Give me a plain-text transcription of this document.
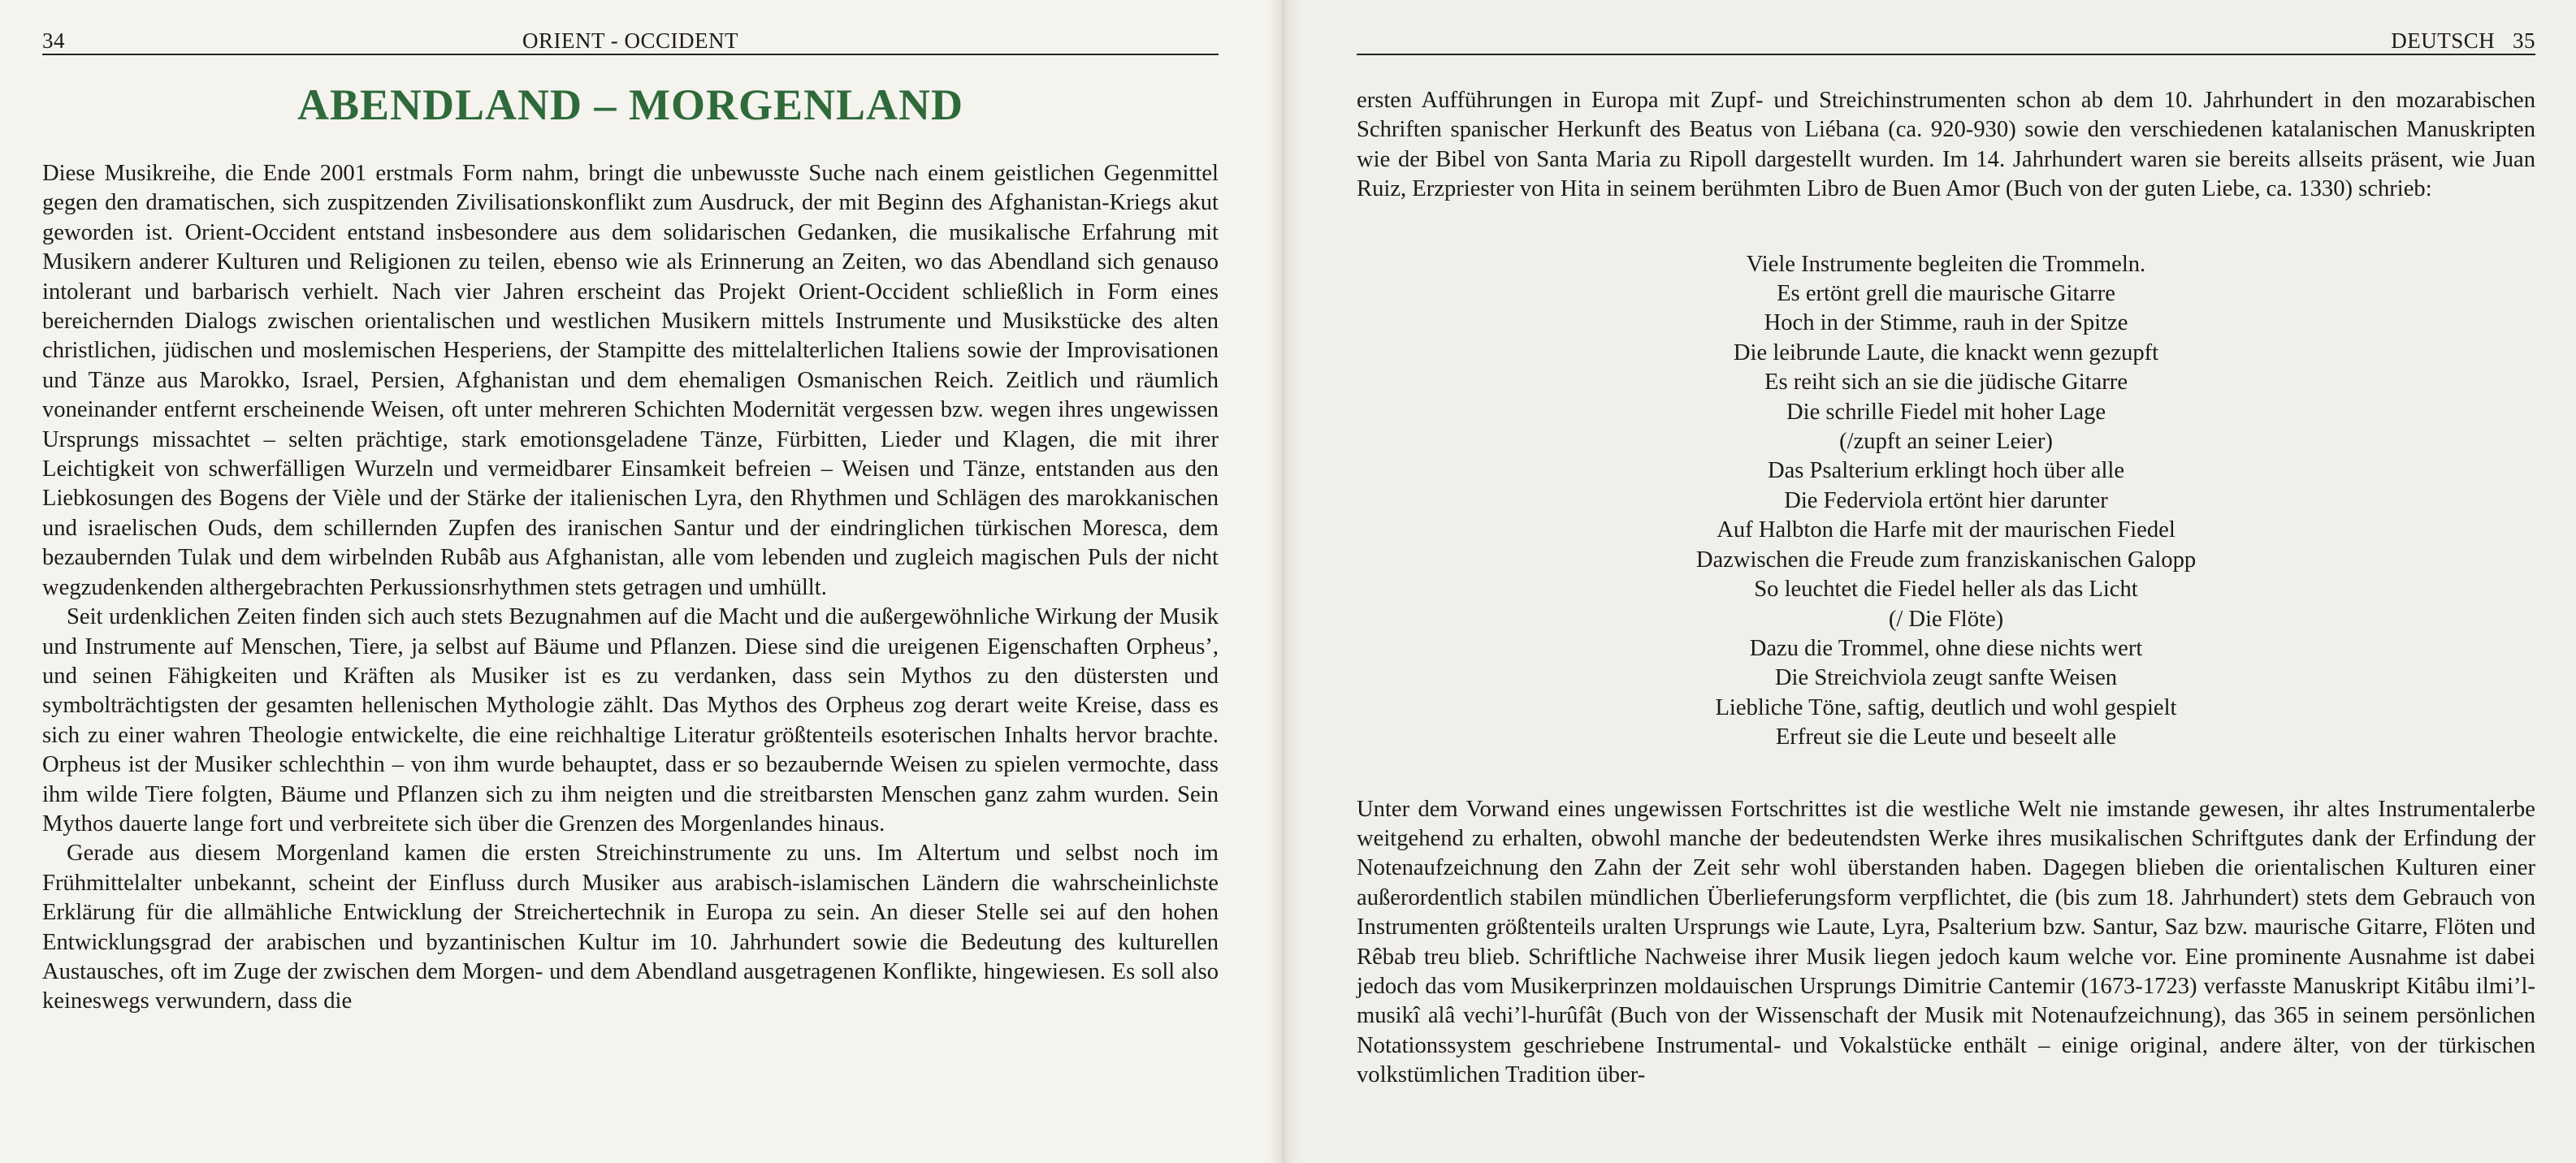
34	ORIENT - OCCIDENT
ABENDLAND – MORGENLAND

Diese Musikreihe, die Ende 2001 erstmals Form nahm, bringt die unbewusste Suche nach einem geistlichen Gegenmittel gegen den dramatischen, sich zuspitzenden Zivilisationskonflikt zum Ausdruck, der mit Beginn des Afghanistan-Kriegs akut geworden ist. Orient-Occident entstand insbesondere aus dem solidarischen Gedanken, die musikalische Erfahrung mit Musikern anderer Kulturen und Religionen zu teilen, ebenso wie als Erinnerung an Zeiten, wo das Abendland sich genauso intolerant und barbarisch verhielt. Nach vier Jahren erscheint das Projekt Orient-Occident schließlich in Form eines bereichernden Dialogs zwischen orientalischen und westlichen Musikern mittels Instrumente und Musikstücke des alten christlichen, jüdischen und moslemischen Hesperiens, der Stampitte des mittelalterlichen Italiens sowie der Improvisationen und Tänze aus Marokko, Israel, Persien, Afghanistan und dem ehemaligen Osmanischen Reich. Zeitlich und räumlich voneinander entfernt erscheinende Weisen, oft unter mehreren Schichten Modernität vergessen bzw. wegen ihres ungewissen Ursprungs missachtet – selten prächtige, stark emotionsgeladene Tänze, Fürbitten, Lieder und Klagen, die mit ihrer Leichtigkeit von schwerfälligen Wurzeln und vermeidbarer Einsamkeit befreien – Weisen und Tänze, entstanden aus den Liebkosungen des Bogens der Vièle und der Stärke der italienischen Lyra, den Rhythmen und Schlägen des marokkanischen und israelischen Ouds, dem schillernden Zupfen des iranischen Santur und der eindringlichen türkischen Moresca, dem bezaubernden Tulak und dem wirbelnden Rubâb aus Afghanistan, alle vom lebenden und zugleich magischen Puls der nicht wegzudenkenden althergebrachten Perkussionsrhythmen stets getragen und umhüllt.

Seit urdenklichen Zeiten finden sich auch stets Bezugnahmen auf die Macht und die außergewöhnliche Wirkung der Musik und Instrumente auf Menschen, Tiere, ja selbst auf Bäume und Pflanzen. Diese sind die ureigenen Eigenschaften Orpheus’, und seinen Fähigkeiten und Kräften als Musiker ist es zu verdanken, dass sein Mythos zu den düstersten und symbolträchtigsten der gesamten hellenischen Mythologie zählt. Das Mythos des Orpheus zog derart weite Kreise, dass es sich zu einer wahren Theologie entwickelte, die eine reichhaltige Literatur größtenteils esoterischen Inhalts hervor brachte. Orpheus ist der Musiker schlechthin – von ihm wurde behauptet, dass er so bezaubernde Weisen zu spielen vermochte, dass ihm wilde Tiere folgten, Bäume und Pflanzen sich zu ihm neigten und die streitbarsten Menschen ganz zahm wurden. Sein Mythos dauerte lange fort und verbreitete sich über die Grenzen des Morgenlandes hinaus.

Gerade aus diesem Morgenland kamen die ersten Streichinstrumente zu uns. Im Altertum und selbst noch im Frühmittelalter unbekannt, scheint der Einfluss durch Musiker aus arabisch-islamischen Ländern die wahrscheinlichste Erklärung für die allmähliche Entwicklung der Streichertechnik in Europa zu sein. An dieser Stelle sei auf den hohen Entwicklungsgrad der arabischen und byzantinischen Kultur im 10. Jahrhundert sowie die Bedeutung des kulturellen Austausches, oft im Zuge der zwischen dem Morgen- und dem Abendland ausgetragenen Konflikte, hingewiesen. Es soll also keineswegs verwundern, dass die

DEUTSCH 35

ersten Aufführungen in Europa mit Zupf- und Streichinstrumenten schon ab dem 10. Jahrhundert in den mozarabischen Schriften spanischer Herkunft des Beatus von Liébana (ca. 920-930) sowie den verschiedenen katalanischen Manuskripten wie der Bibel von Santa Maria zu Ripoll dargestellt wurden. Im 14. Jahrhundert waren sie bereits allseits präsent, wie Juan Ruiz, Erzpriester von Hita in seinem berühmten Libro de Buen Amor (Buch von der guten Liebe, ca. 1330) schrieb:

Viele Instrumente begleiten die Trommeln.
Es ertönt grell die maurische Gitarre
Hoch in der Stimme, rauh in der Spitze
Die leibrunde Laute, die knackt wenn gezupft
Es reiht sich an sie die jüdische Gitarre
Die schrille Fiedel mit hoher Lage
(/zupft an seiner Leier)
Das Psalterium erklingt hoch über alle
Die Federviola ertönt hier darunter
Auf Halbton die Harfe mit der maurischen Fiedel
Dazwischen die Freude zum franziskanischen Galopp
So leuchtet die Fiedel heller als das Licht
(/ Die Flöte)
Dazu die Trommel, ohne diese nichts wert
Die Streichviola zeugt sanfte Weisen
Liebliche Töne, saftig, deutlich und wohl gespielt
Erfreut sie die Leute und beseelt alle

Unter dem Vorwand eines ungewissen Fortschrittes ist die westliche Welt nie imstande gewesen, ihr altes Instrumentalerbe weitgehend zu erhalten, obwohl manche der bedeutendsten Werke ihres musikalischen Schriftgutes dank der Erfindung der Notenaufzeichnung den Zahn der Zeit sehr wohl überstanden haben. Dagegen blieben die orientalischen Kulturen einer außerordentlich stabilen mündlichen Überlieferungsform verpflichtet, die (bis zum 18. Jahrhundert) stets dem Gebrauch von Instrumenten größtenteils uralten Ursprungs wie Laute, Lyra, Psalterium bzw. Santur, Saz bzw. maurische Gitarre, Flöten und Rêbab treu blieb. Schriftliche Nachweise ihrer Musik liegen jedoch kaum welche vor. Eine prominente Ausnahme ist dabei jedoch das vom Musikerprinzen moldauischen Ursprungs Dimitrie Cantemir (1673-1723) verfasste Manuskript Kitâbu ilmi’l- musikî alâ vechi’l-hurûfât (Buch von der Wissenschaft der Musik mit Notenaufzeichnung), das 365 in seinem persönlichen Notationssystem geschriebene Instrumental- und Vokalstücke enthält – einige original, andere älter, von der türkischen volkstümlichen Tradition über-
